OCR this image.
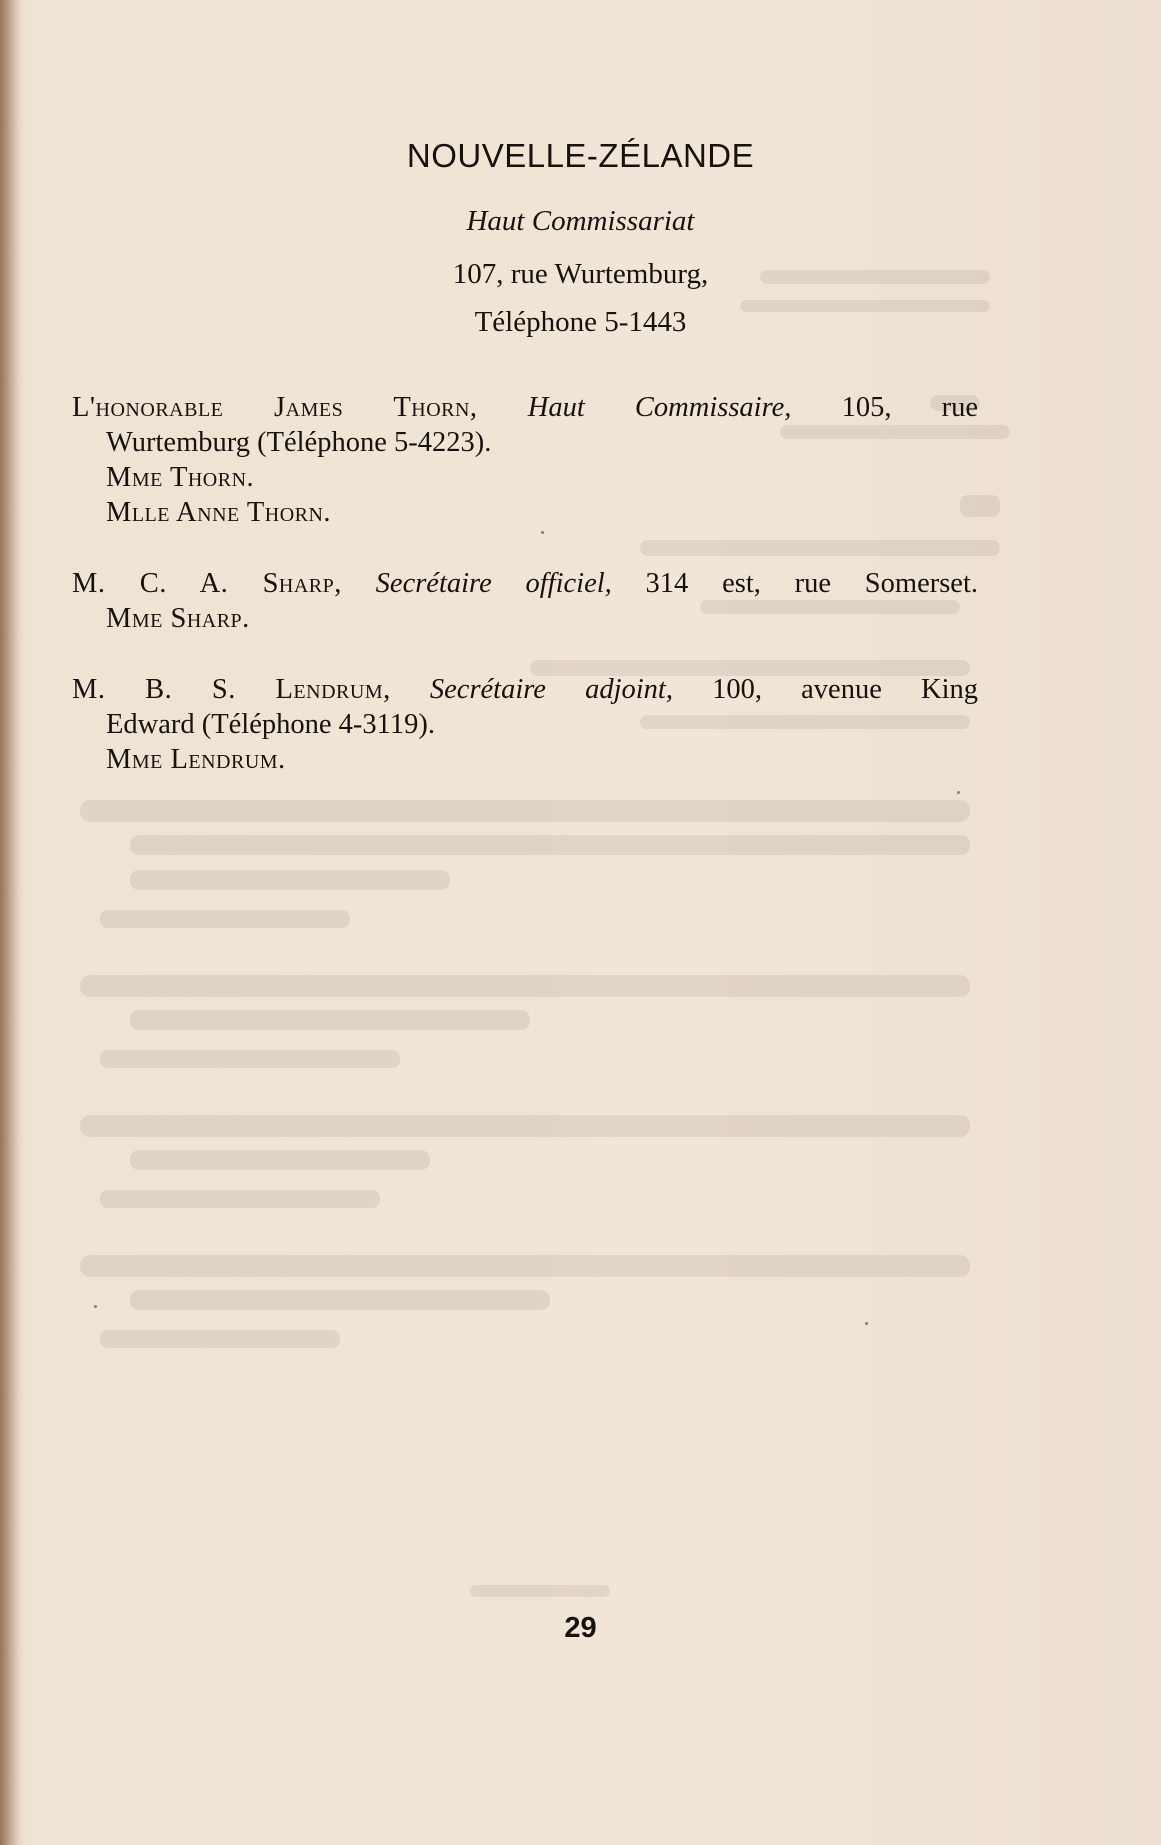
NOUVELLE-ZÉLANDE
Haut Commissariat
107, rue Wurtemburg,
Téléphone 5-1443
L'honorable James Thorn, Haut Commissaire, 105, rue
Wurtemburg (Téléphone 5-4223).
Mme Thorn.
Mlle Anne Thorn.
M. C. A. Sharp, Secrétaire officiel, 314 est, rue Somerset.
Mme Sharp.
M. B. S. Lendrum, Secrétaire adjoint, 100, avenue King
Edward (Téléphone 4-3119).
Mme Lendrum.
29
